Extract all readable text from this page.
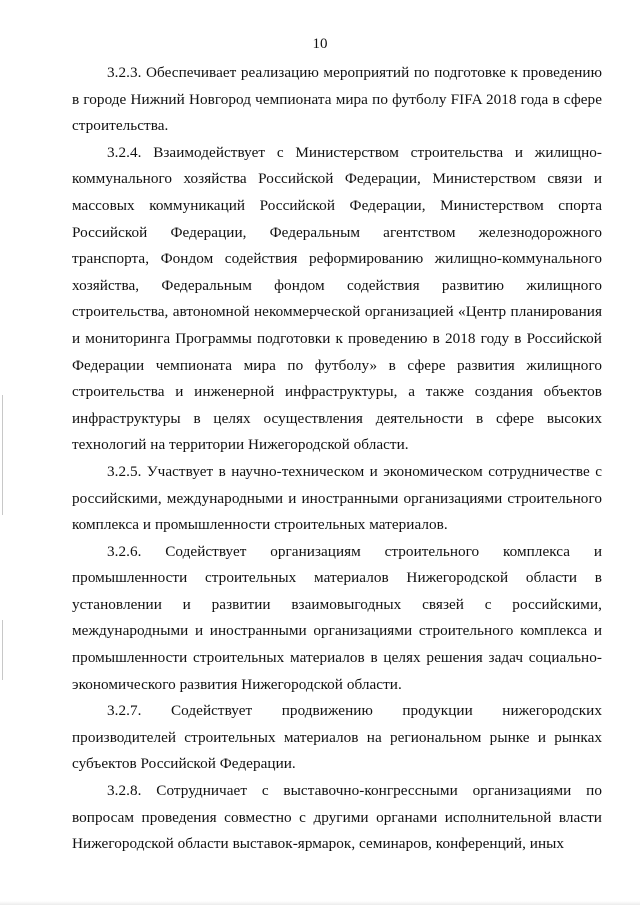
10

3.2.3. Обеспечивает реализацию мероприятий по подготовке к проведению в городе Нижний Новгород чемпионата мира по футболу FIFA 2018 года в сфере строительства.

3.2.4. Взаимодействует с Министерством строительства и жилищно-коммунального хозяйства Российской Федерации, Министерством связи и массовых коммуникаций Российской Федерации, Министерством спорта Российской Федерации, Федеральным агентством железнодорожного транспорта, Фондом содействия реформированию жилищно-коммунального хозяйства, Федеральным фондом содействия развитию жилищного строительства, автономной некоммерческой организацией «Центр планирования и мониторинга Программы подготовки к проведению в 2018 году в Российской Федерации чемпионата мира по футболу» в сфере развития жилищного строительства и инженерной инфраструктуры, а также создания объектов инфраструктуры в целях осуществления деятельности в сфере высоких технологий на территории Нижегородской области.

3.2.5. Участвует в научно-техническом и экономическом сотрудничестве с российскими, международными и иностранными организациями строительного комплекса и промышленности строительных материалов.

3.2.6. Содействует организациям строительного комплекса и промышленности строительных материалов Нижегородской области в установлении и развитии взаимовыгодных связей с российскими, международными и иностранными организациями строительного комплекса и промышленности строительных материалов в целях решения задач социально-экономического развития Нижегородской области.

3.2.7. Содействует продвижению продукции нижегородских производителей строительных материалов на региональном рынке и рынках субъектов Российской Федерации.

3.2.8. Сотрудничает с выставочно-конгрессными организациями по вопросам проведения совместно с другими органами исполнительной власти Нижегородской области выставок-ярмарок, семинаров, конференций, иных
